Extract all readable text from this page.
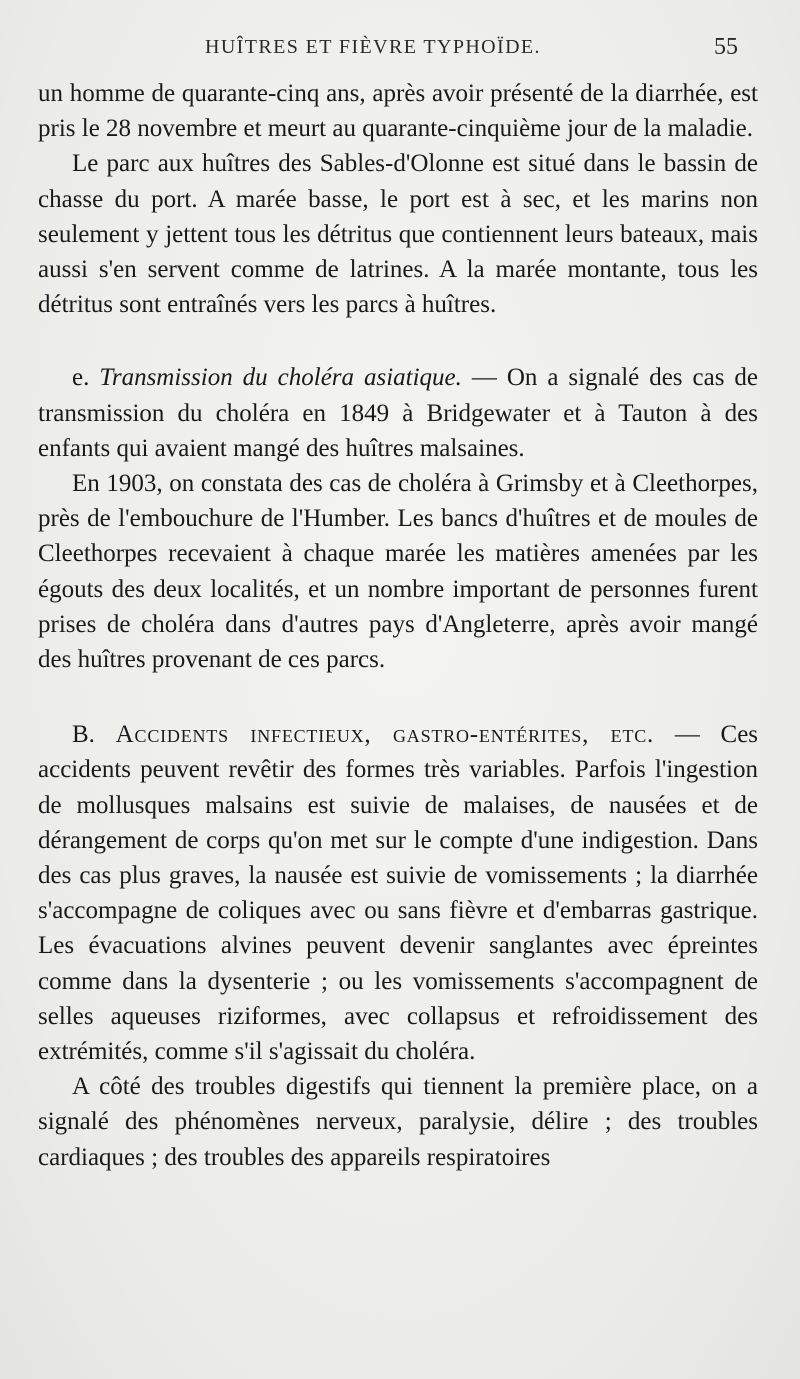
HUÎTRES ET FIÈVRE TYPHOÏDE.	55

un homme de quarante-cinq ans, après avoir présenté de la diarrhée, est pris le 28 novembre et meurt au quarante-cinquième jour de la maladie.

Le parc aux huîtres des Sables-d'Olonne est situé dans le bassin de chasse du port. A marée basse, le port est à sec, et les marins non seulement y jettent tous les détritus que contiennent leurs bateaux, mais aussi s'en servent comme de latrines. A la marée montante, tous les détritus sont entraînés vers les parcs à huîtres.

e. Transmission du choléra asiatique. — On a signalé des cas de transmission du choléra en 1849 à Bridgewater et à Tauton à des enfants qui avaient mangé des huîtres malsaines.

En 1903, on constata des cas de choléra à Grimsby et à Cleethorpes, près de l'embouchure de l'Humber. Les bancs d'huîtres et de moules de Cleethorpes recevaient à chaque marée les matières amenées par les égouts des deux localités, et un nombre important de personnes furent prises de choléra dans d'autres pays d'Angleterre, après avoir mangé des huîtres provenant de ces parcs.

B. Accidents infectieux, gastro-entérites, etc. — Ces accidents peuvent revêtir des formes très variables. Parfois l'ingestion de mollusques malsains est suivie de malaises, de nausées et de dérangement de corps qu'on met sur le compte d'une indigestion. Dans des cas plus graves, la nausée est suivie de vomissements ; la diarrhée s'accompagne de coliques avec ou sans fièvre et d'embarras gastrique. Les évacuations alvines peuvent devenir sanglantes avec épreintes comme dans la dysenterie ; ou les vomissements s'accompagnent de selles aqueuses riziformes, avec collapsus et refroidissement des extrémités, comme s'il s'agissait du choléra.

A côté des troubles digestifs qui tiennent la première place, on a signalé des phénomènes nerveux, paralysie, délire ; des troubles cardiaques ; des troubles des appareils respiratoires
